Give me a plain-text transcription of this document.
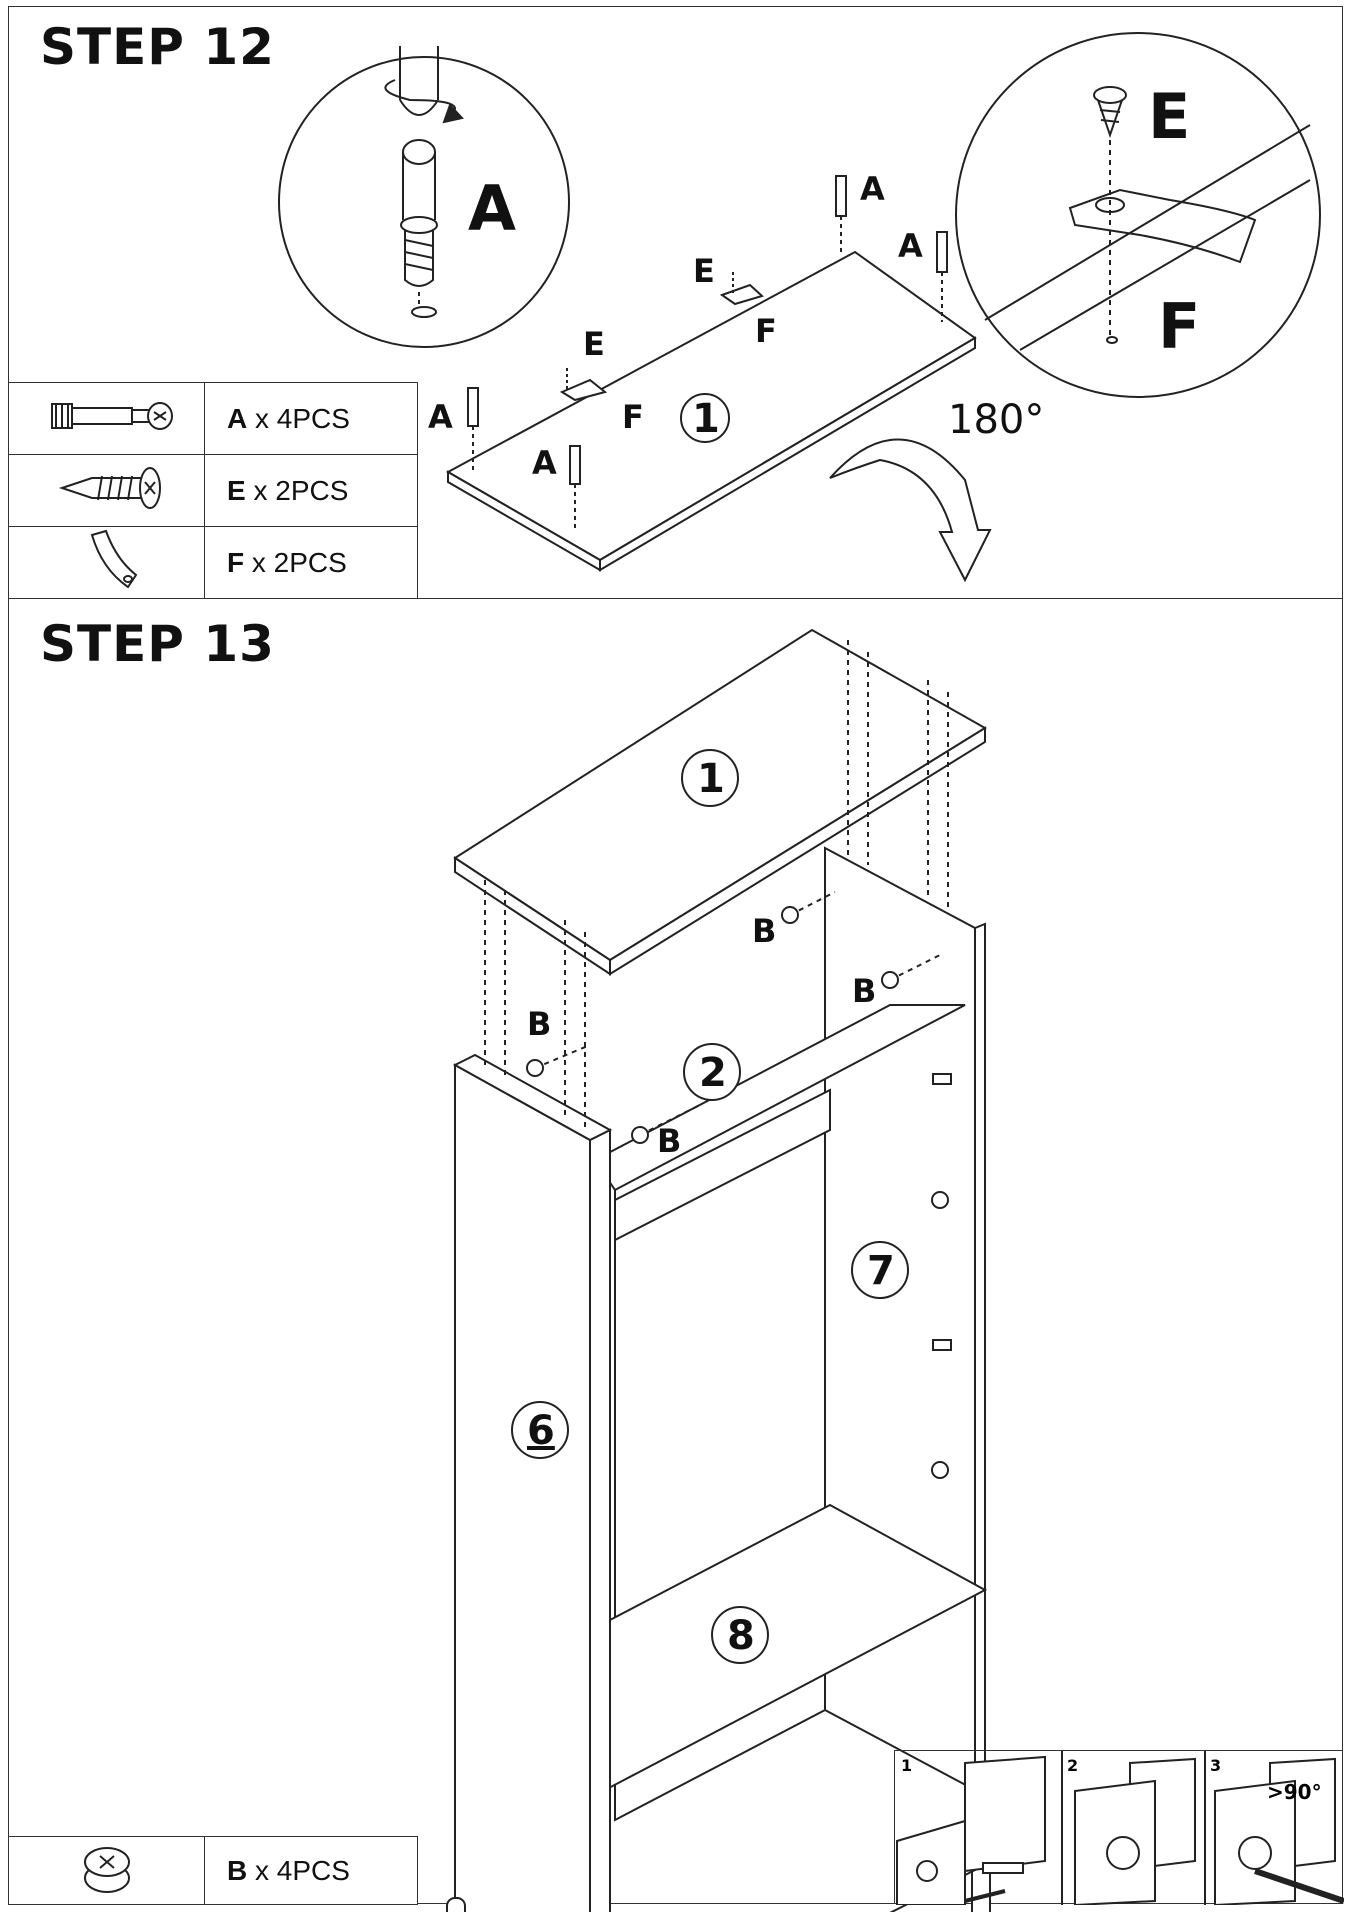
STEP 12
A
E
F
1
A
A
A
A
E
E
F
F
180°
	A x 4PCS
	E x 2PCS
	F x 2PCS
STEP 13
1
2
7
6
8
B
B
B
B
	B x 4PCS
1	2	3
>90°
